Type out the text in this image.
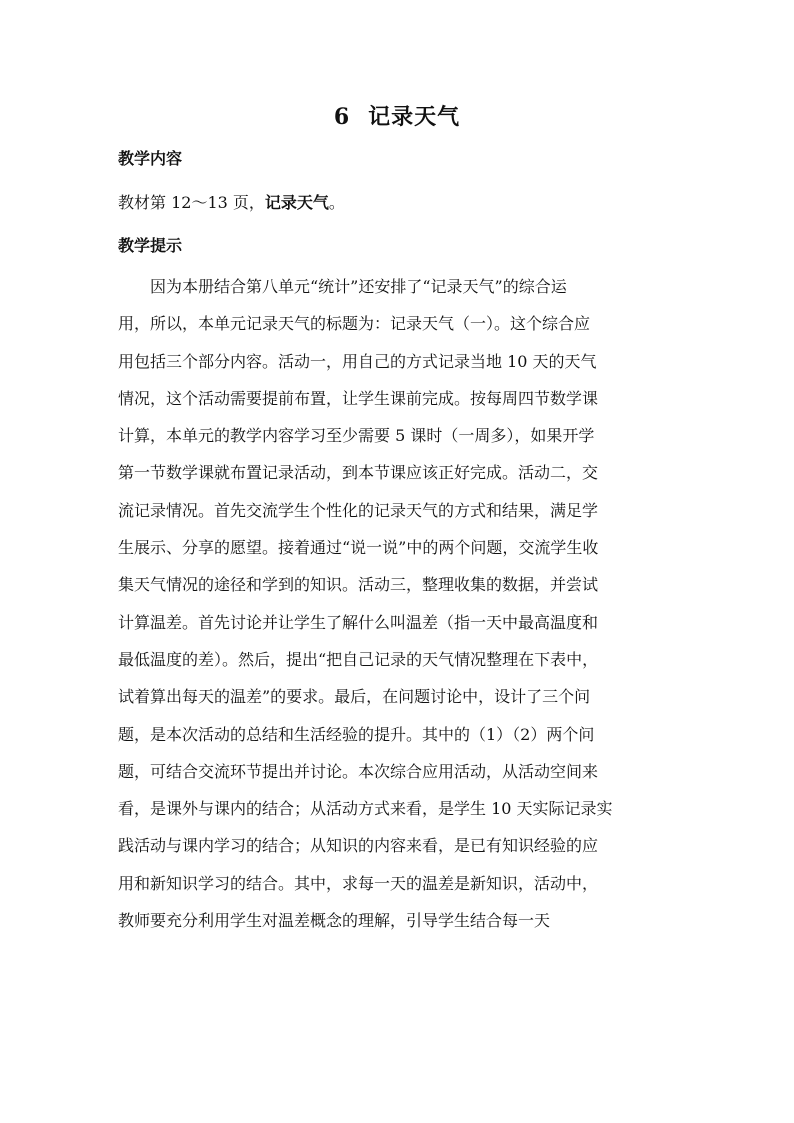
6 记录天气
教学内容

教材第 12～13 页，记录天气。

教学提示
因为本册结合第八单元“统计”还安排了“记录天气”的综合运
用，所以，本单元记录天气的标题为：记录天气（一）。这个综合应
用包括三个部分内容。活动一，用自己的方式记录当地 10 天的天气
情况，这个活动需要提前布置，让学生课前完成。按每周四节数学课
计算，本单元的教学内容学习至少需要 5 课时（一周多），如果开学
第一节数学课就布置记录活动，到本节课应该正好完成。活动二，交
流记录情况。首先交流学生个性化的记录天气的方式和结果，满足学
生展示、分享的愿望。接着通过“说一说”中的两个问题，交流学生收
集天气情况的途径和学到的知识。活动三，整理收集的数据，并尝试
计算温差。首先讨论并让学生了解什么叫温差（指一天中最高温度和
最低温度的差）。然后，提出“把自己记录的天气情况整理在下表中，
试着算出每天的温差”的要求。最后，在问题讨论中，设计了三个问
题，是本次活动的总结和生活经验的提升。其中的（1）（2）两个问
题，可结合交流环节提出并讨论。本次综合应用活动，从活动空间来
看，是课外与课内的结合；从活动方式来看，是学生 10 天实际记录实
践活动与课内学习的结合；从知识的内容来看，是已有知识经验的应
用和新知识学习的结合。其中，求每一天的温差是新知识，活动中，
教师要充分利用学生对温差概念的理解，引导学生结合每一天
